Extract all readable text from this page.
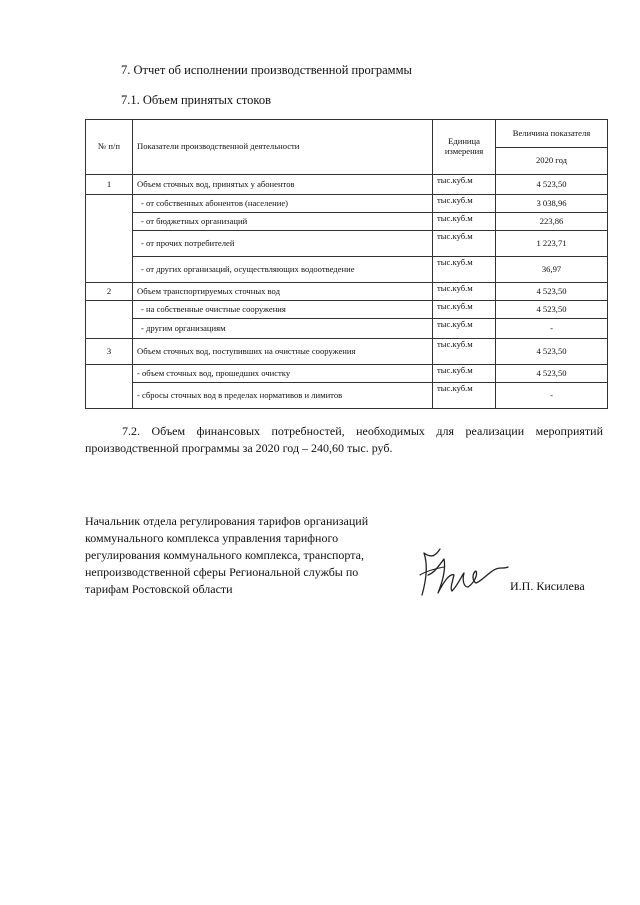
7. Отчет об исполнении производственной программы
7.1. Объем принятых стоков
№ п/п	Показатели производственной деятельности	Единица измерения	Величина показателя
			2020 год
1	Объем сточных вод, принятых у абонентов	тыс.куб.м	4 523,50
	- от собственных абонентов (население)	тыс.куб.м	3 038,96
	- от бюджетных организаций	тыс.куб.м	223,86
	- от прочих потребителей	тыс.куб.м	1 223,71
	- от других организаций, осуществляющих водоотведение	тыс.куб.м	36,97
2	Объем транспортируемых сточных вод	тыс.куб.м	4 523,50
	- на собственные очистные сооружения	тыс.куб.м	4 523,50
	- другим организациям	тыс.куб.м	-
3	Объем сточных вод, поступивших на очистные сооружения	тыс.куб.м	4 523,50
	- объем сточных вод, прошедших очистку	тыс.куб.м	4 523,50
	- сбросы сточных вод в пределах нормативов и лимитов	тыс.куб.м	-
7.2. Объем финансовых потребностей, необходимых для реализации мероприятий производственной программы за 2020 год – 240,60 тыс. руб.
Начальник отдела регулирования тарифов организаций
коммунального комплекса управления тарифного
регулирования коммунального комплекса, транспорта,
непроизводственной сферы Региональной службы по
тарифам Ростовской области	И.П. Кисилева
